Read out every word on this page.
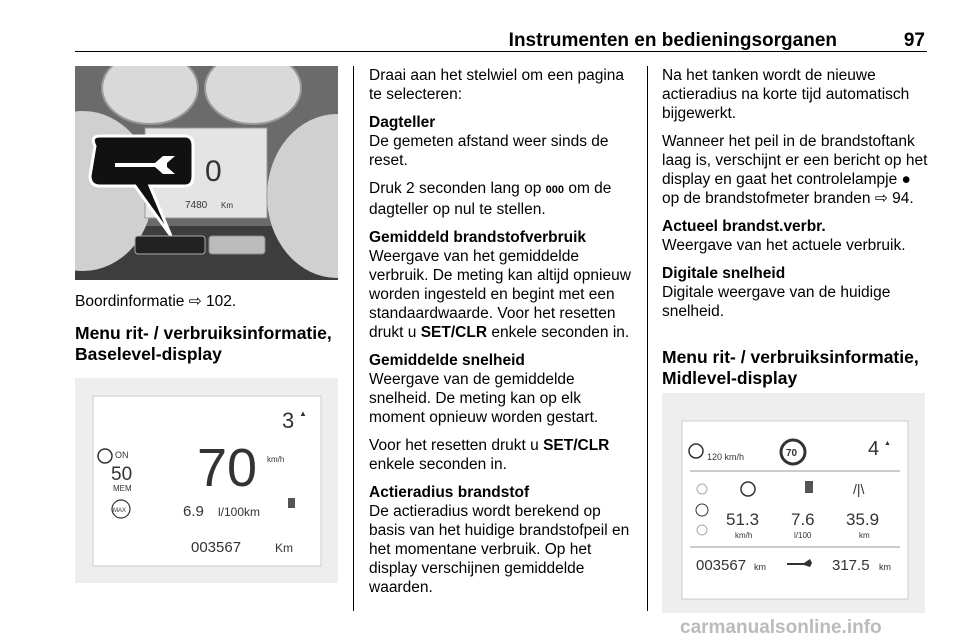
Instrumenten en bedieningsorganen	97
0
7480 Km

Boordinformatie ⇨ 102.

Menu rit- / verbruiksinformatie,
Baselevel-display
3 ▲
70 km/h
ON
50
MEM
MAX	6.9 l/100km
003567	Km

Draai aan het stelwiel om een pagina te selecteren:

Dagteller
De gemeten afstand weer sinds de reset.

Druk 2 seconden lang op 000 om de dagteller op nul te stellen.

Gemiddeld brandstofverbruik
Weergave van het gemiddelde verbruik. De meting kan altijd opnieuw worden ingesteld en begint met een standaardwaarde. Voor het resetten drukt u SET/CLR enkele seconden in.

Gemiddelde snelheid
Weergave van de gemiddelde snelheid. De meting kan op elk moment opnieuw worden gestart.

Voor het resetten drukt u SET/CLR enkele seconden in.

Actieradius brandstof
De actieradius wordt berekend op basis van het huidige brandstofpeil en het momentane verbruik. Op het display verschijnen gemiddelde waarden.

Na het tanken wordt de nieuwe actieradius na korte tijd automatisch bijgewerkt.

Wanneer het peil in de brandstoftank laag is, verschijnt er een bericht op het display en gaat het controlelampje ● op de brandstofmeter branden ⇨ 94.

Actueel brandst.verbr.
Weergave van het actuele verbruik.

Digitale snelheid
Digitale weergave van de huidige snelheid.

Menu rit- / verbruiksinformatie,
Midlevel-display
120 km/h	70	4 ▲
/|\
51.3
km/h
7.6
l/100
35.9
km
003567 km	317.5 km
carmanualsonline.info
